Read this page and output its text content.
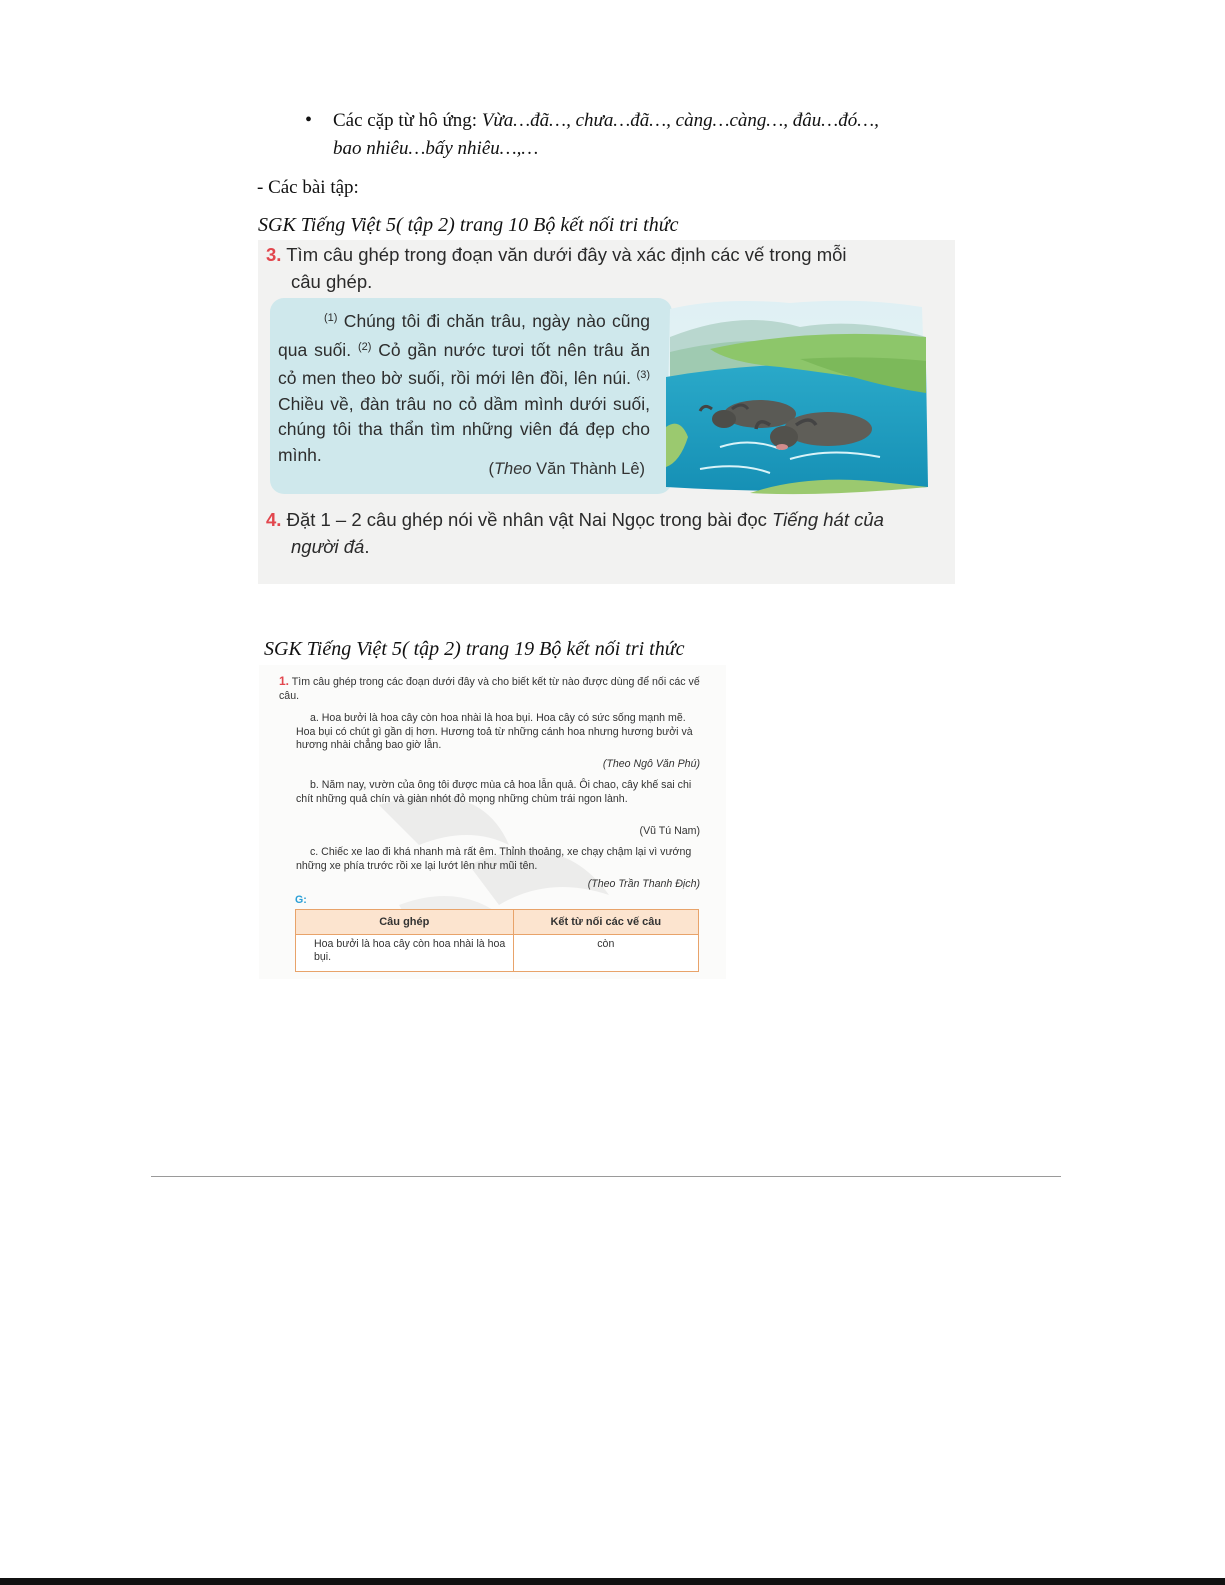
• Các cặp từ hô ứng: Vừa…đã…, chưa…đã…, càng…càng…, đâu…đó…,
bao nhiêu…bấy nhiêu…,…
- Các bài tập:
SGK Tiếng Việt 5( tập 2) trang 10 Bộ kết nối tri thức
3. Tìm câu ghép trong đoạn văn dưới đây và xác định các vế trong mỗi
câu ghép.
$^{(1)}$ Chúng tôi đi chăn trâu, ngày nào cũng qua suối. $^{(2)}$ Cỏ gần nước tươi tốt nên trâu ăn cỏ men theo bờ suối, rồi mới lên đồi, lên núi. $^{(3)}$ Chiều về, đàn trâu no cỏ dầm mình dưới suối, chúng tôi tha thẩn tìm những viên đá đẹp cho mình.
(Theo Văn Thành Lê)
4. Đặt 1 – 2 câu ghép nói về nhân vật Nai Ngọc trong bài đọc Tiếng hát của
người đá.
SGK Tiếng Việt 5( tập 2) trang 19 Bộ kết nối tri thức
1. Tìm câu ghép trong các đoạn dưới đây và cho biết kết từ nào được dùng để nối các vế câu.
a. Hoa bưởi là hoa cây còn hoa nhài là hoa bụi. Hoa cây có sức sống mạnh mẽ. Hoa bụi có chút gì gần dị hơn. Hương toả từ những cánh hoa nhưng hương bưởi và hương nhài chẳng bao giờ lẫn.
(Theo Ngô Văn Phú)
b. Năm nay, vườn của ông tôi được mùa cả hoa lẫn quả. Ôi chao, cây khế sai chi chít những quả chín và giàn nhót đỏ mọng những chùm trái ngon lành.
(Vũ Tú Nam)
c. Chiếc xe lao đi khá nhanh mà rất êm. Thỉnh thoảng, xe chạy chậm lại vì vướng những xe phía trước rồi xe lại lướt lên như mũi tên.
(Theo Trần Thanh Địch)
G:
Câu ghép	Kết từ nối các vế câu
Hoa bưởi là hoa cây còn hoa nhài là hoa bụi.	còn
